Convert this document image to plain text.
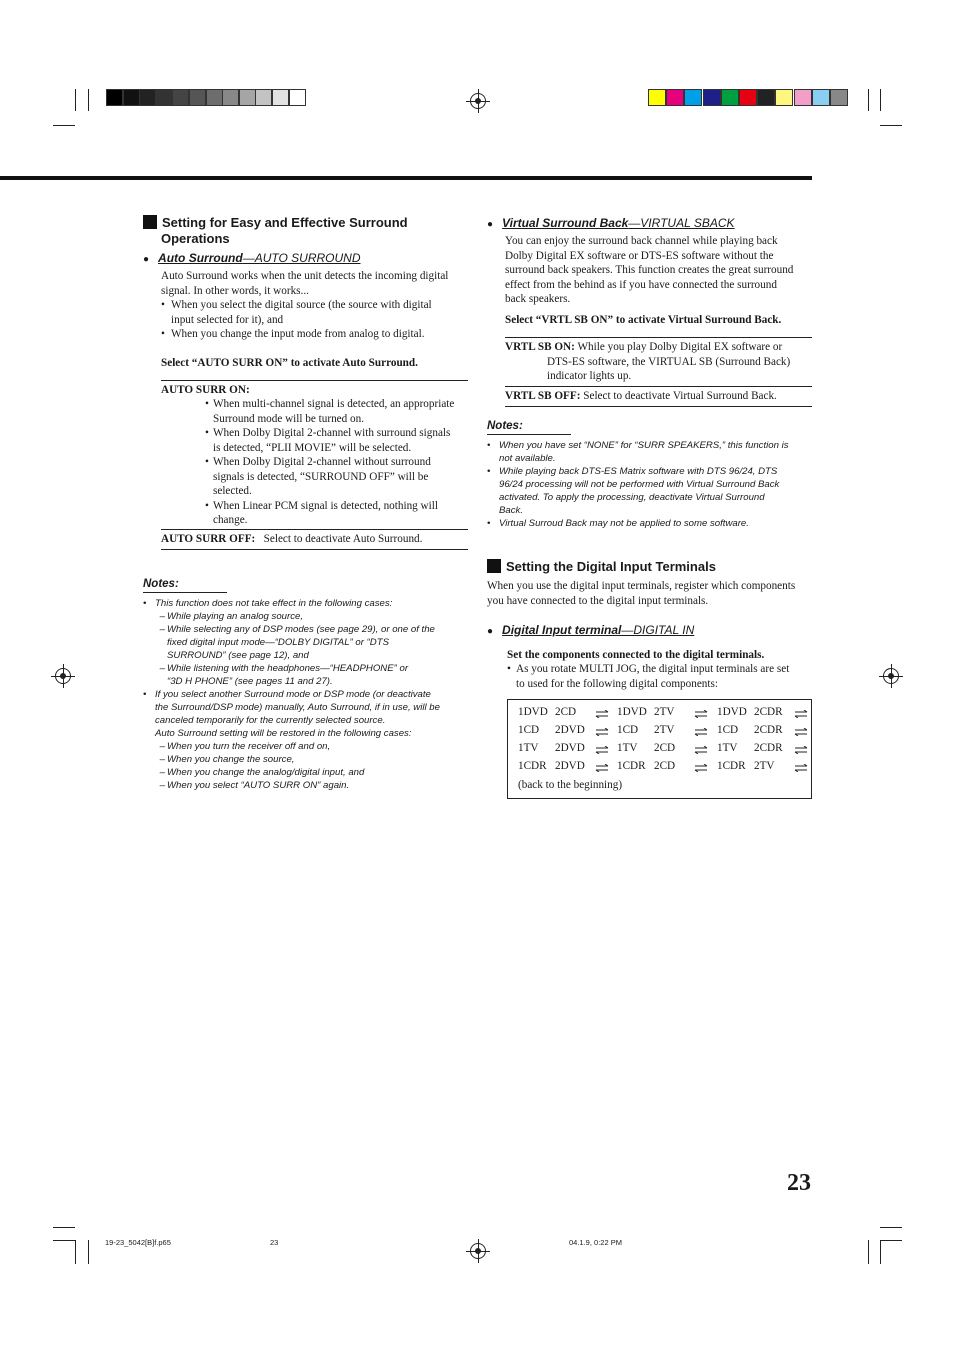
Setting for Easy and Effective Surround
Operations
● Auto Surround—AUTO SURROUND
Auto Surround works when the unit detects the incoming digital
signal. In other words, it works...
• When you select the digital source (the source with digital
input selected for it), and
• When you change the input mode from analog to digital.
Select “AUTO SURR ON” to activate Auto Surround.
AUTO SURR ON:
• When multi-channel signal is detected, an appropriate
Surround mode will be turned on.
• When Dolby Digital 2-channel with surround signals
is detected, “PLII MOVIE” will be selected.
• When Dolby Digital 2-channel without surround
signals is detected, “SURROUND OFF” will be
selected.
• When Linear PCM signal is detected, nothing will
change.
AUTO SURR OFF: Select to deactivate Auto Surround.
Notes:
• This function does not take effect in the following cases:
– While playing an analog source,
– While selecting any of DSP modes (see page 29), or one of the
fixed digital input mode—“DOLBY DIGITAL” or “DTS
SURROUND” (see page 12), and
– While listening with the headphones—“HEADPHONE” or
“3D H PHONE” (see pages 11 and 27).
• If you select another Surround mode or DSP mode (or deactivate
the Surround/DSP mode) manually, Auto Surround, if in use, will be
canceled temporarily for the currently selected source.
Auto Surround setting will be restored in the following cases:
– When you turn the receiver off and on,
– When you change the source,
– When you change the analog/digital input, and
– When you select “AUTO SURR ON” again.
● Virtual Surround Back—VIRTUAL SBACK
You can enjoy the surround back channel while playing back
Dolby Digital EX software or DTS-ES software without the
surround back speakers. This function creates the great surround
effect from the behind as if you have connected the surround
back speakers.
Select “VRTL SB ON” to activate Virtual Surround Back.
VRTL SB ON: While you play Dolby Digital EX software or
DTS-ES software, the VIRTUAL SB (Surround Back)
indicator lights up.
VRTL SB OFF: Select to deactivate Virtual Surround Back.
Notes:
• When you have set “NONE” for “SURR SPEAKERS,” this function is
not available.
• While playing back DTS-ES Matrix software with DTS 96/24, DTS
96/24 processing will not be performed with Virtual Surround Back
activated. To apply the processing, deactivate Virtual Surround
Back.
• Virtual Surroud Back may not be applied to some software.
Setting the Digital Input Terminals
When you use the digital input terminals, register which components
you have connected to the digital input terminals.
● Digital Input terminal—DIGITAL IN
Set the components connected to the digital terminals.
• As you rotate MULTI JOG, the digital input terminals are set
to used for the following digital components:
1DVD 2CD	1DVD 2TV	1DVD 2CDR
1CD 2DVD	1CD 2TV	1CD 2CDR
1TV 2DVD	1TV 2CD	1TV 2CDR
1CDR 2DVD	1CDR 2CD	1CDR 2TV
(back to the beginning)
23
19-23_5042[B]f.p65	23	04.1.9, 0:22 PM
